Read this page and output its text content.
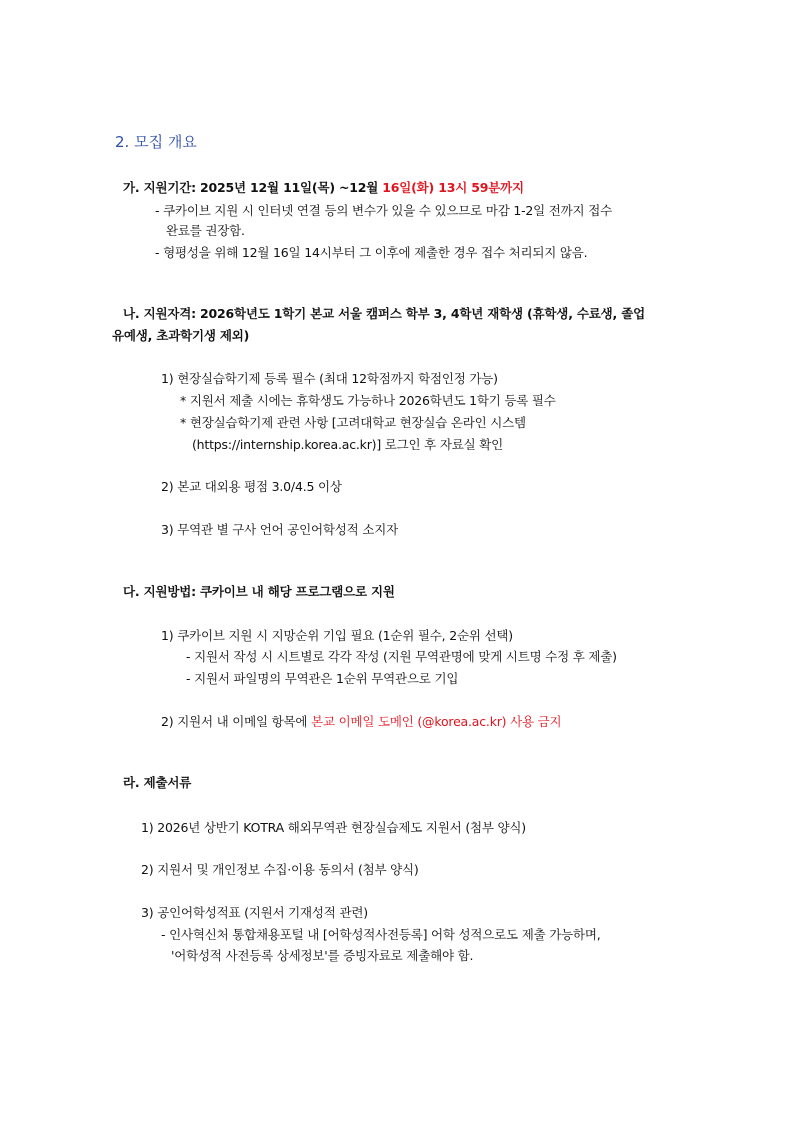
2. 모집 개요
가. 지원기간: 2025년 12월 11일(목) ~12월 16일(화) 13시 59분까지
- 쿠카이브 지원 시 인터넷 연결 등의 변수가 있을 수 있으므로 마감 1-2일 전까지 접수
완료를 권장함.
- 형평성을 위해 12월 16일 14시부터 그 이후에 제출한 경우 접수 처리되지 않음.
나. 지원자격: 2026학년도 1학기 본교 서울 캠퍼스 학부 3, 4학년 재학생 (휴학생, 수료생, 졸업
유예생, 초과학기생 제외)
1) 현장실습학기제 등록 필수 (최대 12학점까지 학점인정 가능)
* 지원서 제출 시에는 휴학생도 가능하나 2026학년도 1학기 등록 필수
* 현장실습학기제 관련 사항 [고려대학교 현장실습 온라인 시스템
(https://internship.korea.ac.kr)] 로그인 후 자료실 확인
2) 본교 대외용 평점 3.0/4.5 이상
3) 무역관 별 구사 언어 공인어학성적 소지자
다. 지원방법: 쿠카이브 내 해당 프로그램으로 지원
1) 쿠카이브 지원 시 지망순위 기입 필요 (1순위 필수, 2순위 선택)
- 지원서 작성 시 시트별로 각각 작성 (지원 무역관명에 맞게 시트명 수정 후 제출)
- 지원서 파일명의 무역관은 1순위 무역관으로 기입
2) 지원서 내 이메일 항목에 본교 이메일 도메인 (@korea.ac.kr) 사용 금지
라. 제출서류
1) 2026년 상반기 KOTRA 해외무역관 현장실습제도 지원서 (첨부 양식)
2) 지원서 및 개인정보 수집·이용 동의서 (첨부 양식)
3) 공인어학성적표 (지원서 기재성적 관련)
- 인사혁신처 통합채용포털 내 [어학성적사전등록] 어학 성적으로도 제출 가능하며,
'어학성적 사전등록 상세정보'를 증빙자료로 제출해야 함.
